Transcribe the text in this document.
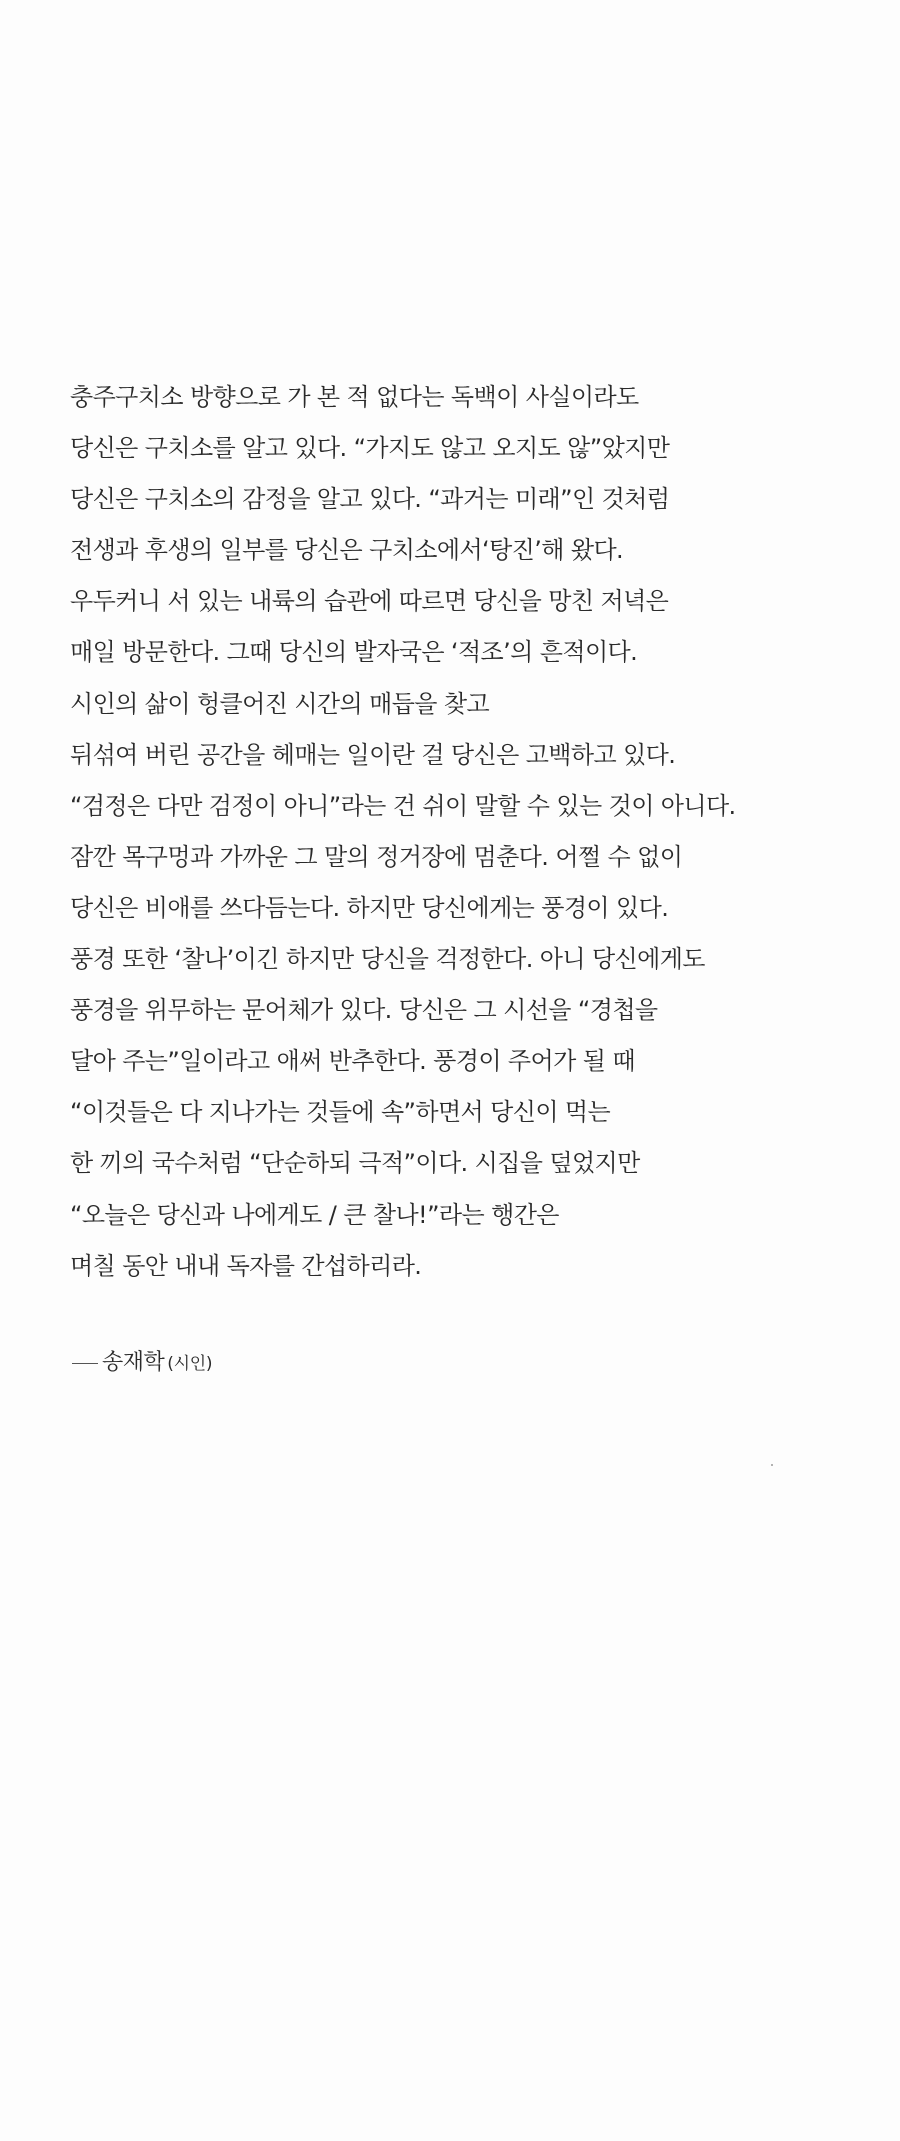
충주구치소 방향으로 가 본 적 없다는 독백이 사실이라도
당신은 구치소를 알고 있다. “가지도 않고 오지도 않”았지만
당신은 구치소의 감정을 알고 있다. “과거는 미래”인 것처럼
전생과 후생의 일부를 당신은 구치소에서‘탕진’해 왔다.
우두커니 서 있는 내륙의 습관에 따르면 당신을 망친 저녁은
매일 방문한다. 그때 당신의 발자국은 ‘적조’의 흔적이다.
시인의 삶이 헝클어진 시간의 매듭을 찾고
뒤섞여 버린 공간을 헤매는 일이란 걸 당신은 고백하고 있다.
“검정은 다만 검정이 아니”라는 건 쉬이 말할 수 있는 것이 아니다.
잠깐 목구멍과 가까운 그 말의 정거장에 멈춘다. 어쩔 수 없이
당신은 비애를 쓰다듬는다. 하지만 당신에게는 풍경이 있다.
풍경 또한 ‘찰나’이긴 하지만 당신을 걱정한다. 아니 당신에게도
풍경을 위무하는 문어체가 있다. 당신은 그 시선을 “경첩을
달아 주는”일이라고 애써 반추한다. 풍경이 주어가 될 때
“이것들은 다 지나가는 것들에 속”하면서 당신이 먹는
한 끼의 국수처럼 “단순하되 극적”이다. 시집을 덮었지만
“오늘은 당신과 나에게도 / 큰 찰나!”라는 행간은
며칠 동안 내내 독자를 간섭하리라.
송재학 (시인)
